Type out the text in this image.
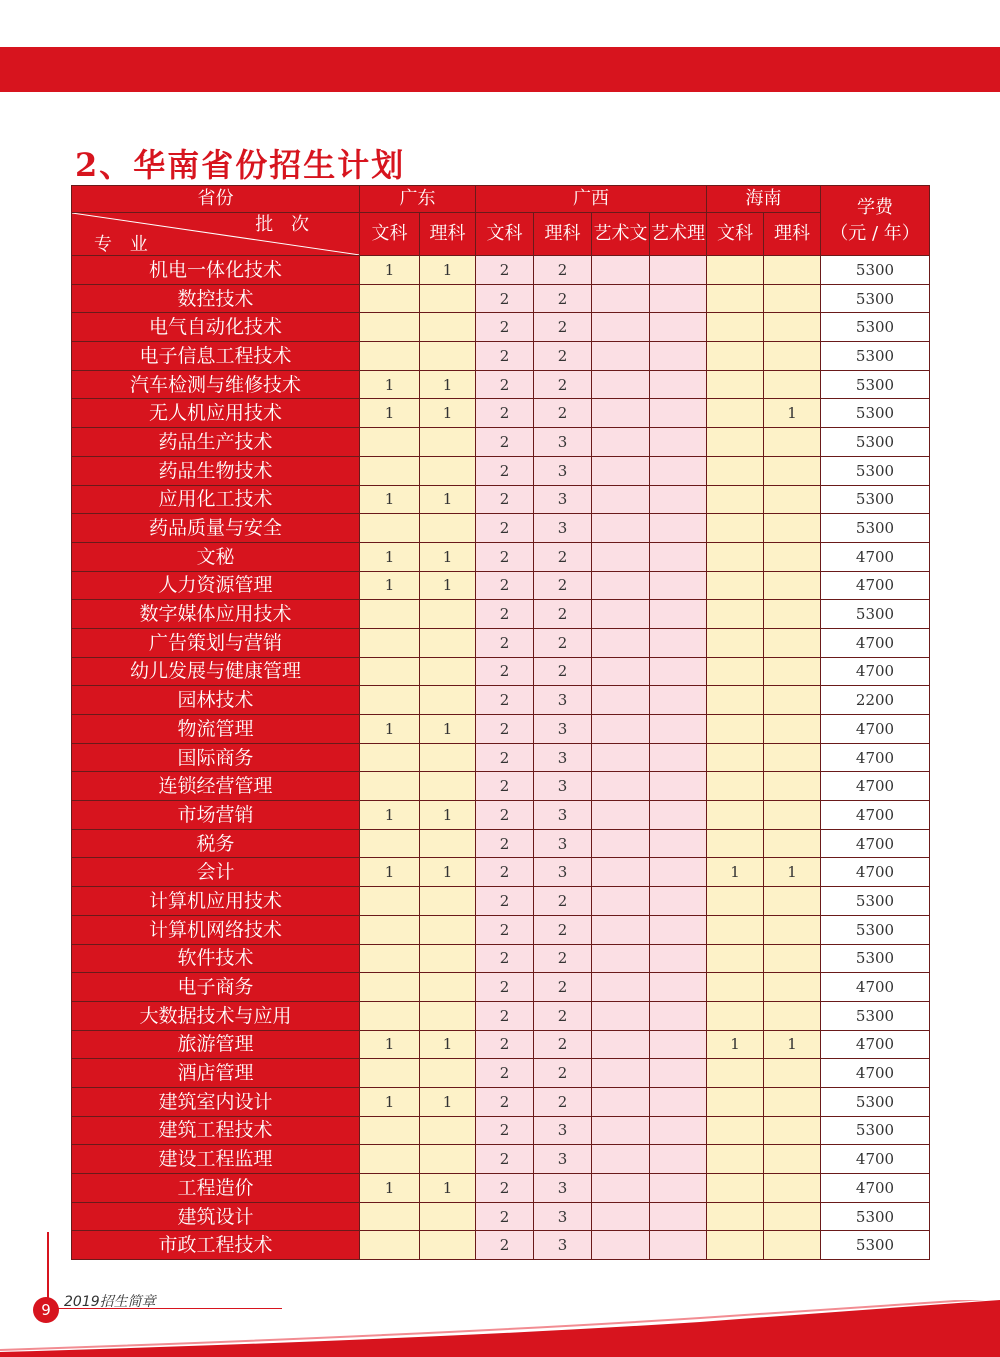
2、华南省份招生计划
省份	广东		广西				海南		学费
（元 / 年）

批 次
专 业	文科	理科	文科	理科	艺术文	艺术理	文科	理科	
机电一体化技术	1	1	2	2					5300
数控技术			2	2					5300
电气自动化技术			2	2					5300
电子信息工程技术			2	2					5300
汽车检测与维修技术	1	1	2	2					5300
无人机应用技术	1	1	2	2				1	5300
药品生产技术			2	3					5300
药品生物技术			2	3					5300
应用化工技术	1	1	2	3					5300
药品质量与安全			2	3					5300
文秘	1	1	2	2					4700
人力资源管理	1	1	2	2					4700
数字媒体应用技术			2	2					5300
广告策划与营销			2	2					4700
幼儿发展与健康管理			2	2					4700
园林技术			2	3					2200
物流管理	1	1	2	3					4700
国际商务			2	3					4700
连锁经营管理			2	3					4700
市场营销	1	1	2	3					4700
税务			2	3					4700
会计	1	1	2	3			1	1	4700
计算机应用技术			2	2					5300
计算机网络技术			2	2					5300
软件技术			2	2					5300
电子商务			2	2					4700
大数据技术与应用			2	2					5300
旅游管理	1	1	2	2			1	1	4700
酒店管理			2	2					4700
建筑室内设计	1	1	2	2					5300
建筑工程技术			2	3					5300
建设工程监理			2	3					4700
工程造价	1	1	2	3					4700
建筑设计			2	3					5300
市政工程技术			2	3					5300
9 2019招生简章
